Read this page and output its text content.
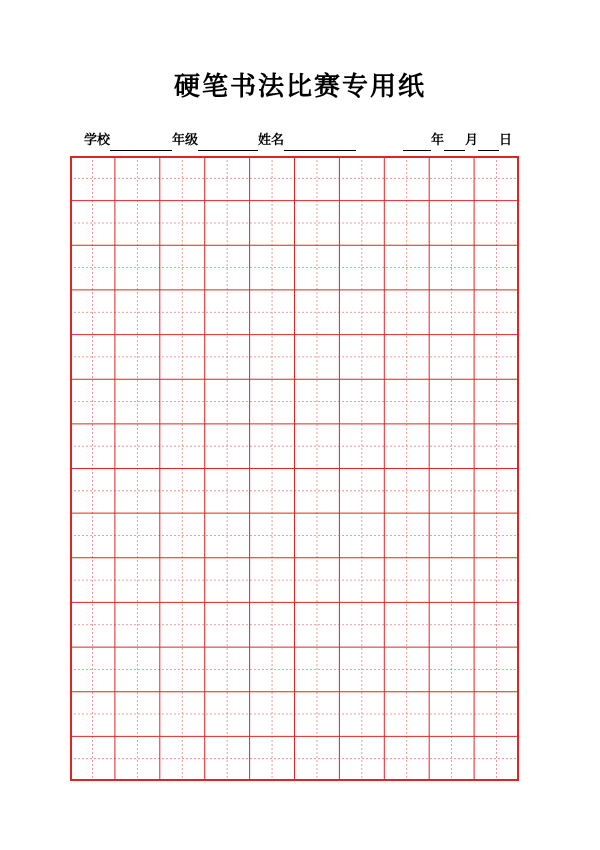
硬笔书法比赛专用纸
学校	年级	姓名	年 月 日
